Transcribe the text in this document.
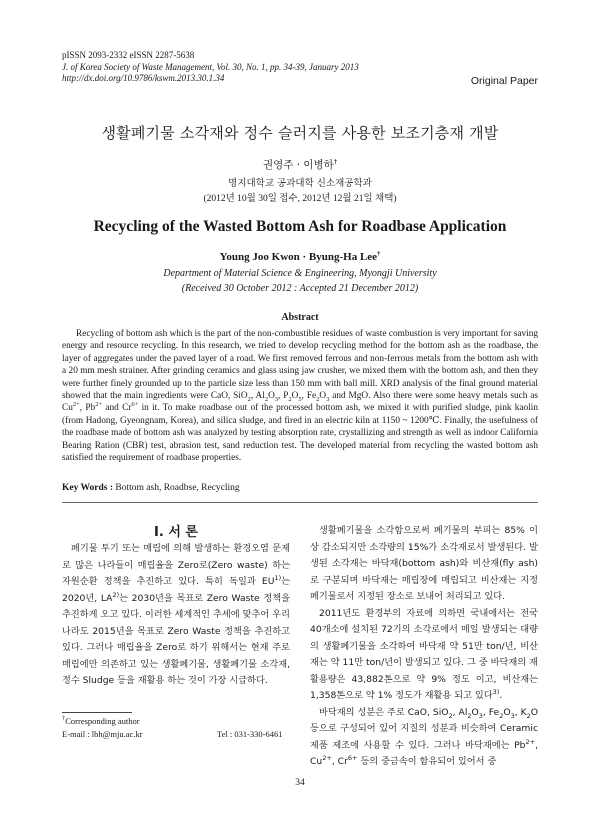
pISSN 2093-2332 eISSN 2287-5638
J. of Korea Society of Waste Management, Vol. 30, No. 1, pp. 34-39, January 2013
http://dx.doi.org/10.9786/kswm.2013.30.1.34	Original Paper
생활폐기물 소각재와 정수 슬러지를 사용한 보조기층재 개발
권영주 · 이병하†
명지대학교 공과대학 신소재공학과
(2012년 10월 30일 접수, 2012년 12월 21일 채택)
Recycling of the Wasted Bottom Ash for Roadbase Application
Young Joo Kwon · Byung-Ha Lee†
Department of Material Science & Engineering, Myongji University
(Received 30 October 2012 : Accepted 21 December 2012)
Abstract
Recycling of bottom ash which is the part of the non-combustible residues of waste combustion is very important for saving energy and resource recycling. In this research, we tried to develop recycling method for the bottom ash as the roadbase, the layer of aggregates under the paved layer of a road. We first removed ferrous and non-ferrous metals from the bottom ash with a 20 mm mesh strainer. After grinding ceramics and glass using jaw crusher, we mixed them with the bottom ash, and then they were further finely grounded up to the particle size less than 150 mm with ball mill. XRD analysis of the final ground material showed that the main ingredients were CaO, SiO$_2$, $Al_2O_3$, $P_2O_5$, $Fe_2O_3$ and MgO. Also there were some heavy metals such as $Cu^{2+}$, $Pb^{2+}$ and $Cr^{6+}$ in it. To make roadbase out of the processed bottom ash, we mixed it with purified sludge, pink kaolin (from Hadong, Gyeongnam, Korea), and silica sludge, and fired in an electric kiln at 1150 ~ 1200℃. Finally, the usefulness of the roadbase made of bottom ash was analyzed by testing absorption rate, crystallizing and strength as well as indoor California Bearing Ration (CBR) test, abrasion test, sand reduction test. The developed material from recycling the wasted bottom ash satisfied the requirement of roadbase properties.
Key Words : Bottom ash, Roadbse, Recycling
I. 서 론

폐기물 투기 또는 매립에 의해 발생하는 환경오염 문제로 많은 나라들이 매립율을 Zero로(Zero waste) 하는 자원순환 정책을 추진하고 있다. 특히 독일과 EU$^{1)}$는 2020년, LA$^{2)}$는 2030년을 목표로 Zero Waste 정책을 추진하게 오고 있다. 이러한 세계적인 추세에 맞추어 우리나라도 2015년을 목표로 Zero Waste 정책을 추진하고 있다. 그러나 매립율을 Zero로 하기 위해서는 현재 주로 매립에만 의존하고 있는 생활폐기물, 생활폐기물 소각재, 정수 Sludge 등을 재활용 하는 것이 가장 시급하다.

생활폐기물을 소각함으로써 폐기물의 부피는 85% 이상 감소되지만 소각량의 15%가 소각재로서 발생된다. 발생된 소각재는 바닥재(bottom ash)와 비산재(fly ash)로 구분되며 바닥재는 매립장에 매립되고 비산재는 지정폐기물로서 지정된 장소로 보내어 처리되고 있다.

2011년도 환경부의 자료에 의하면 국내에서는 전국 40개소에 설치된 72기의 소각로에서 매일 발생되는 대량의 생활폐기물을 소각하여 바닥재 약 51만 ton/년, 비산재는 약 11만 ton/년이 발생되고 있다. 그 중 바닥재의 재활용량은 43,882톤으로 약 9% 정도 이고, 비산재는 1,358톤으로 약 1% 정도가 재활용 되고 있다$^{3)}$.

바닥재의 성분은 주로 CaO, SiO$_2$, $Al_2O_3$, $Fe_2O_3$, $K_2O$ 등으로 구성되어 있어 지질의 성분과 비슷하여 Ceramic 제품 제조에 사용할 수 있다. 그러나 바닥재에는 $Pb^{2+}$, $Cu^{2+}$, $Cr^{6+}$ 등의 중금속이 함유되어 있어서 중

†Corresponding author
E-mail : lbh@mju.ac.kr	Tel : 031-330-6461
34
